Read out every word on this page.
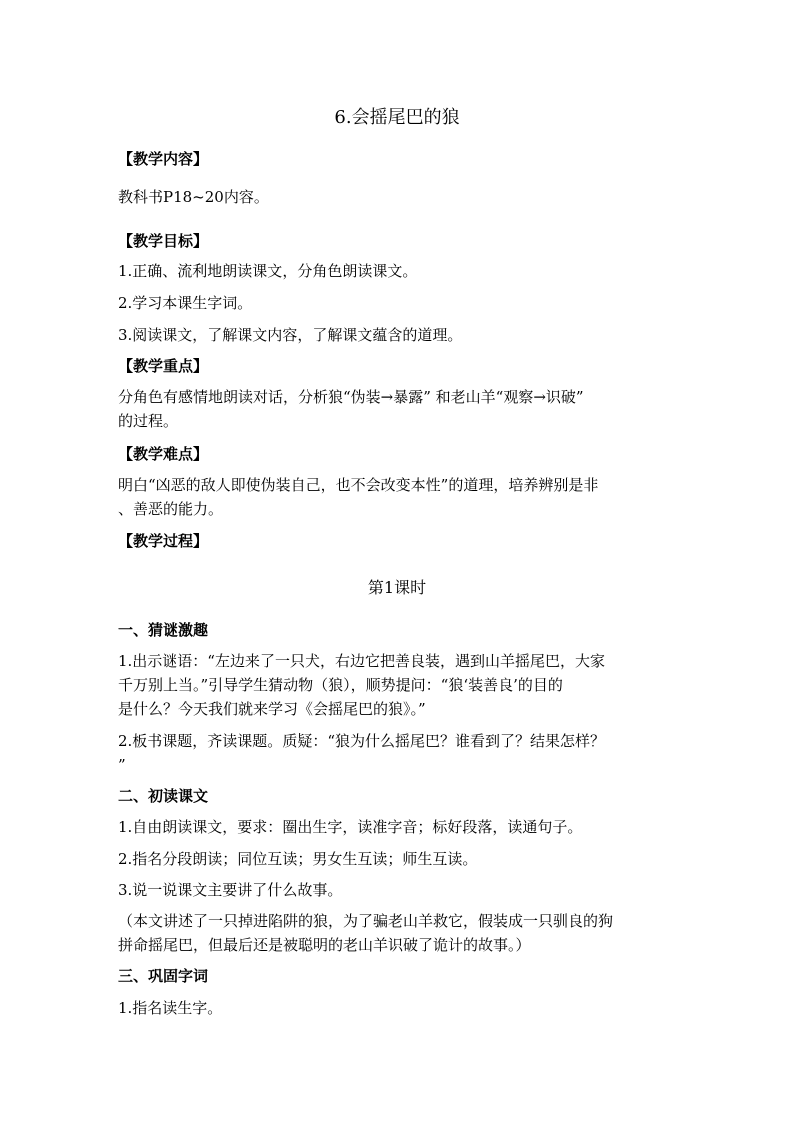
6.会摇尾巴的狼
【教学内容】
教科书P18~20内容。
【教学目标】
1.正确、流利地朗读课文，分角色朗读课文。
2.学习本课生字词。
3.阅读课文，了解课文内容，了解课文蕴含的道理。
【教学重点】
分角色有感情地朗读对话，分析狼“伪装→暴露” 和老山羊“观察→识破”
的过程。
【教学难点】
明白“凶恶的敌人即使伪装自己，也不会改变本性”的道理，培养辨别是非
、善恶的能力。
【教学过程】
第1课时
一、猜谜激趣
1.出示谜语：“左边来了一只犬，右边它把善良装，遇到山羊摇尾巴，大家
千万别上当。”引导学生猜动物（狼），顺势提问：“狼‘装善良’的目的
是什么？今天我们就来学习《会摇尾巴的狼》。”
2.板书课题，齐读课题。质疑：“狼为什么摇尾巴？谁看到了？结果怎样？
”
二、初读课文
1.自由朗读课文，要求：圈出生字，读准字音；标好段落，读通句子。
2.指名分段朗读；同位互读；男女生互读；师生互读。
3.说一说课文主要讲了什么故事。
（本文讲述了一只掉进陷阱的狼，为了骗老山羊救它，假装成一只驯良的狗
拼命摇尾巴，但最后还是被聪明的老山羊识破了诡计的故事。）
三、巩固字词
1.指名读生字。
